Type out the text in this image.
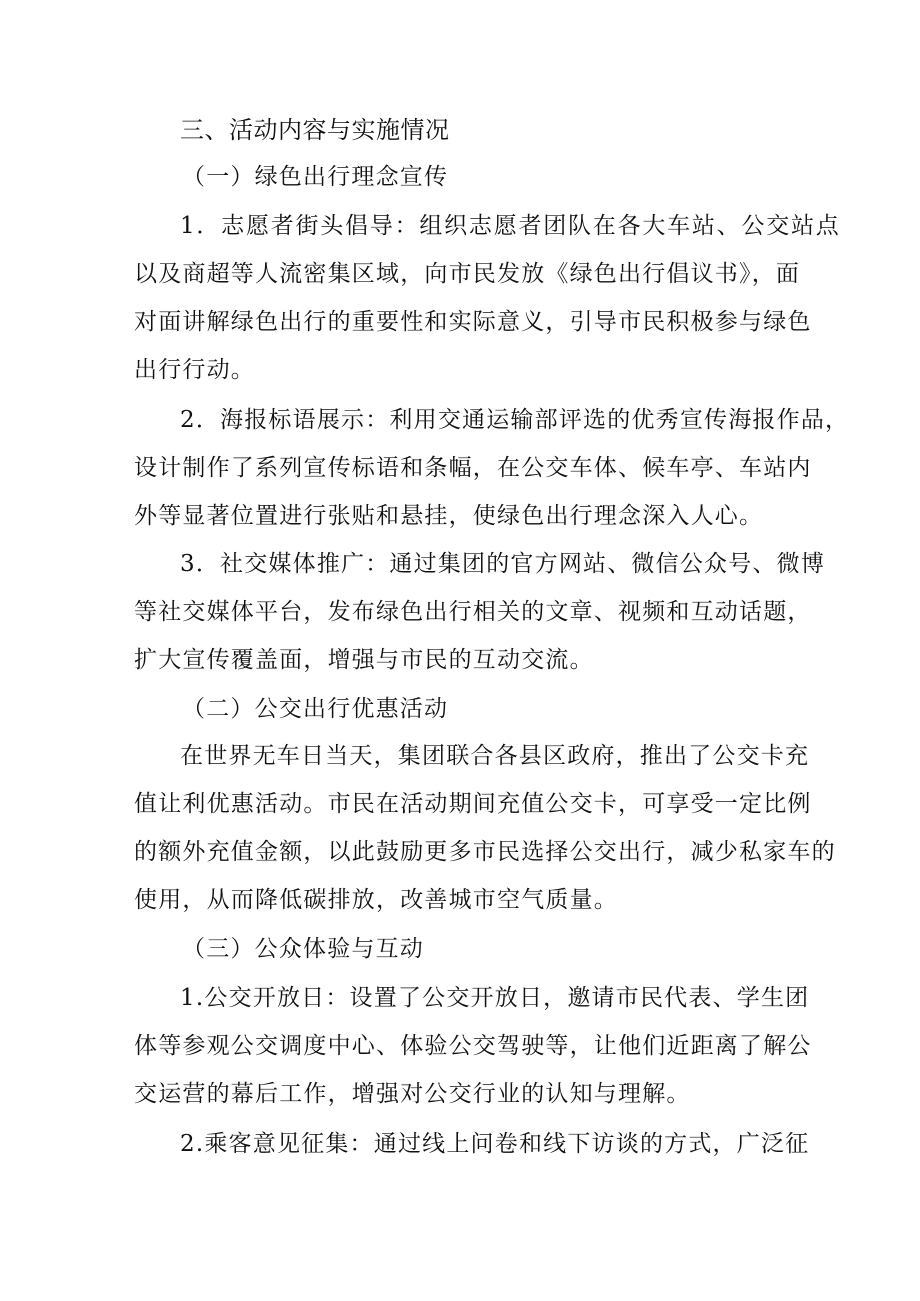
三、活动内容与实施情况
（一）绿色出行理念宣传
1．志愿者街头倡导：组织志愿者团队在各大车站、公交站点
以及商超等人流密集区域，向市民发放《绿色出行倡议书》，面
对面讲解绿色出行的重要性和实际意义，引导市民积极参与绿色
出行行动。
2．海报标语展示：利用交通运输部评选的优秀宣传海报作品，
设计制作了系列宣传标语和条幅，在公交车体、候车亭、车站内
外等显著位置进行张贴和悬挂，使绿色出行理念深入人心。
3．社交媒体推广：通过集团的官方网站、微信公众号、微博
等社交媒体平台，发布绿色出行相关的文章、视频和互动话题，
扩大宣传覆盖面，增强与市民的互动交流。
（二）公交出行优惠活动
在世界无车日当天，集团联合各县区政府，推出了公交卡充
值让利优惠活动。市民在活动期间充值公交卡，可享受一定比例
的额外充值金额，以此鼓励更多市民选择公交出行，减少私家车的
使用，从而降低碳排放，改善城市空气质量。
（三）公众体验与互动
1.公交开放日：设置了公交开放日，邀请市民代表、学生团
体等参观公交调度中心、体验公交驾驶等，让他们近距离了解公
交运营的幕后工作，增强对公交行业的认知与理解。
2.乘客意见征集：通过线上问卷和线下访谈的方式，广泛征
